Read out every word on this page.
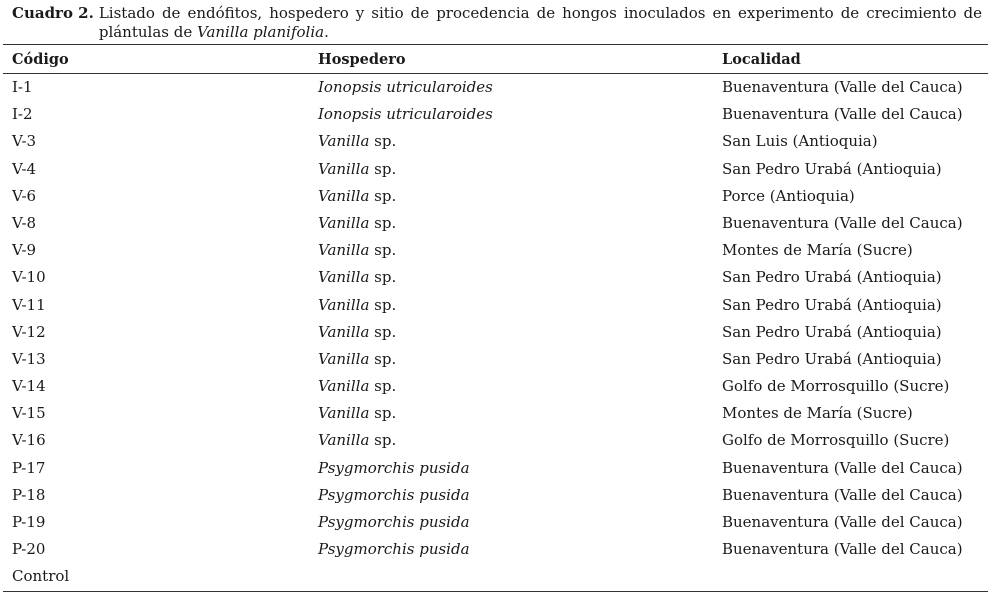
Cuadro 2. Listado de endófitos, hospedero y sitio de procedencia de hongos inoculados en experimento de crecimiento de plántulas de Vanilla planifolia.
Código	Hospedero	Localidad
I-1	Ionopsis utricularoides	Buenaventura (Valle del Cauca)
I-2	Ionopsis utricularoides	Buenaventura (Valle del Cauca)
V-3	Vanilla sp.	San Luis (Antioquia)
V-4	Vanilla sp.	San Pedro Urabá (Antioquia)
V-6	Vanilla sp.	Porce (Antioquia)
V-8	Vanilla sp.	Buenaventura (Valle del Cauca)
V-9	Vanilla sp.	Montes de María (Sucre)
V-10	Vanilla sp.	San Pedro Urabá (Antioquia)
V-11	Vanilla sp.	San Pedro Urabá (Antioquia)
V-12	Vanilla sp.	San Pedro Urabá (Antioquia)
V-13	Vanilla sp.	San Pedro Urabá (Antioquia)
V-14	Vanilla sp.	Golfo de Morrosquillo (Sucre)
V-15	Vanilla sp.	Montes de María (Sucre)
V-16	Vanilla sp.	Golfo de Morrosquillo (Sucre)
P-17	Psygmorchis pusida	Buenaventura (Valle del Cauca)
P-18	Psygmorchis pusida	Buenaventura (Valle del Cauca)
P-19	Psygmorchis pusida	Buenaventura (Valle del Cauca)
P-20	Psygmorchis pusida	Buenaventura (Valle del Cauca)
Control
